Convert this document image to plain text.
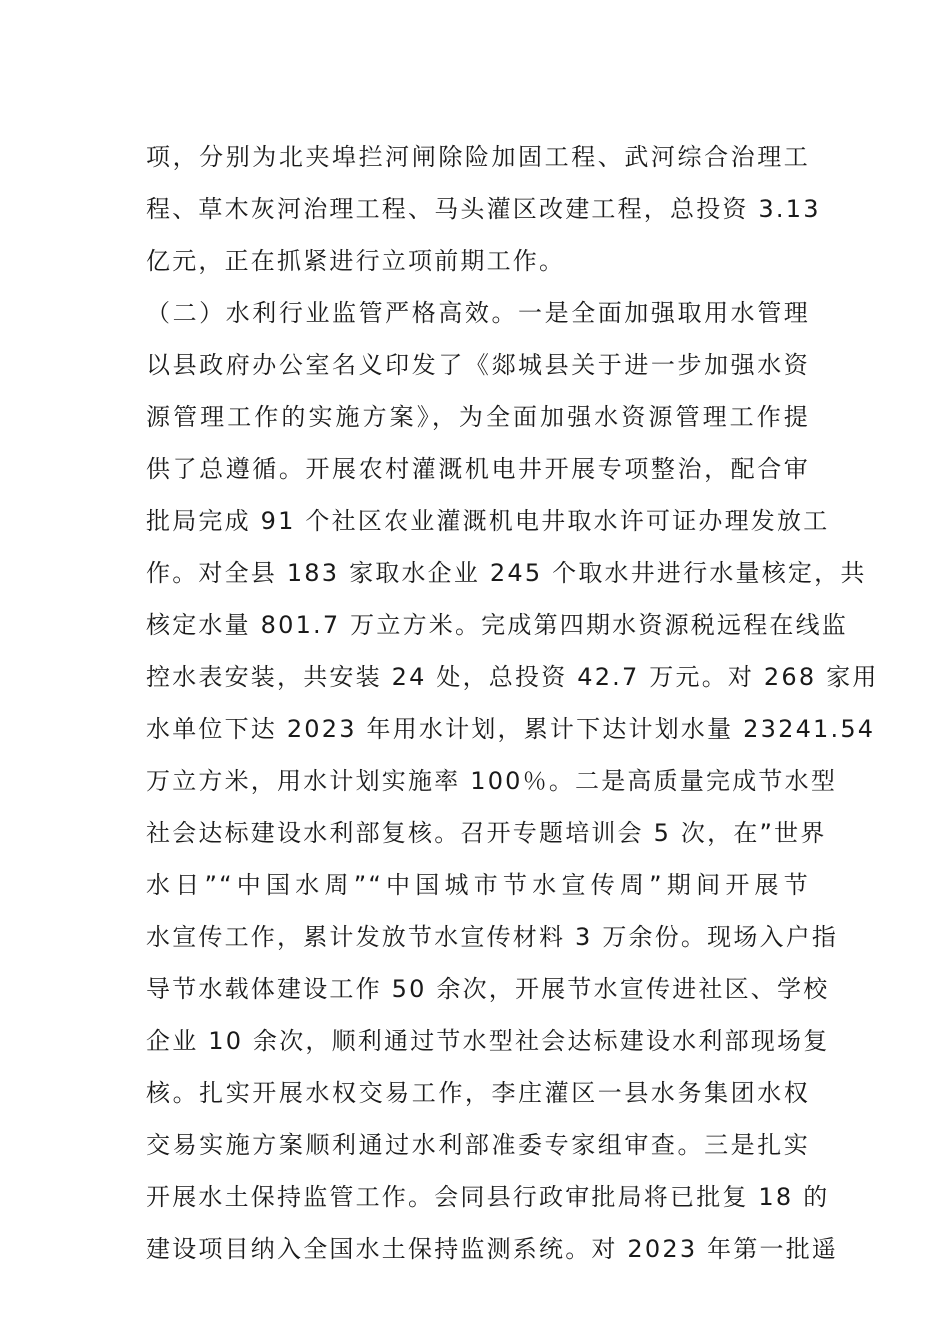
项，分别为北夹埠拦河闸除险加固工程、武河综合治理工
程、草木灰河治理工程、马头灌区改建工程，总投资 3.13
亿元，正在抓紧进行立项前期工作。
（二）水利行业监管严格高效。一是全面加强取用水管理
以县政府办公室名义印发了《郯城县关于进一步加强水资
源管理工作的实施方案》，为全面加强水资源管理工作提
供了总遵循。开展农村灌溉机电井开展专项整治，配合审
批局完成 91 个社区农业灌溉机电井取水许可证办理发放工
作。对全县 183 家取水企业 245 个取水井进行水量核定，共
核定水量 801.7 万立方米。完成第四期水资源税远程在线监
控水表安装，共安装 24 处，总投资 42.7 万元。对 268 家用
水单位下达 2023 年用水计划，累计下达计划水量 23241.54
万立方米，用水计划实施率 100％。二是高质量完成节水型
社会达标建设水利部复核。召开专题培训会 5 次，在”世界
水日”“中国水周”“中国城市节水宣传周”期间开展节
水宣传工作，累计发放节水宣传材料 3 万余份。现场入户指
导节水载体建设工作 50 余次，开展节水宣传进社区、学校
企业 10 余次，顺利通过节水型社会达标建设水利部现场复
核。扎实开展水权交易工作，李庄灌区一县水务集团水权
交易实施方案顺利通过水利部准委专家组审查。三是扎实
开展水土保持监管工作。会同县行政审批局将已批复 18 的
建设项目纳入全国水土保持监测系统。对 2023 年第一批遥
